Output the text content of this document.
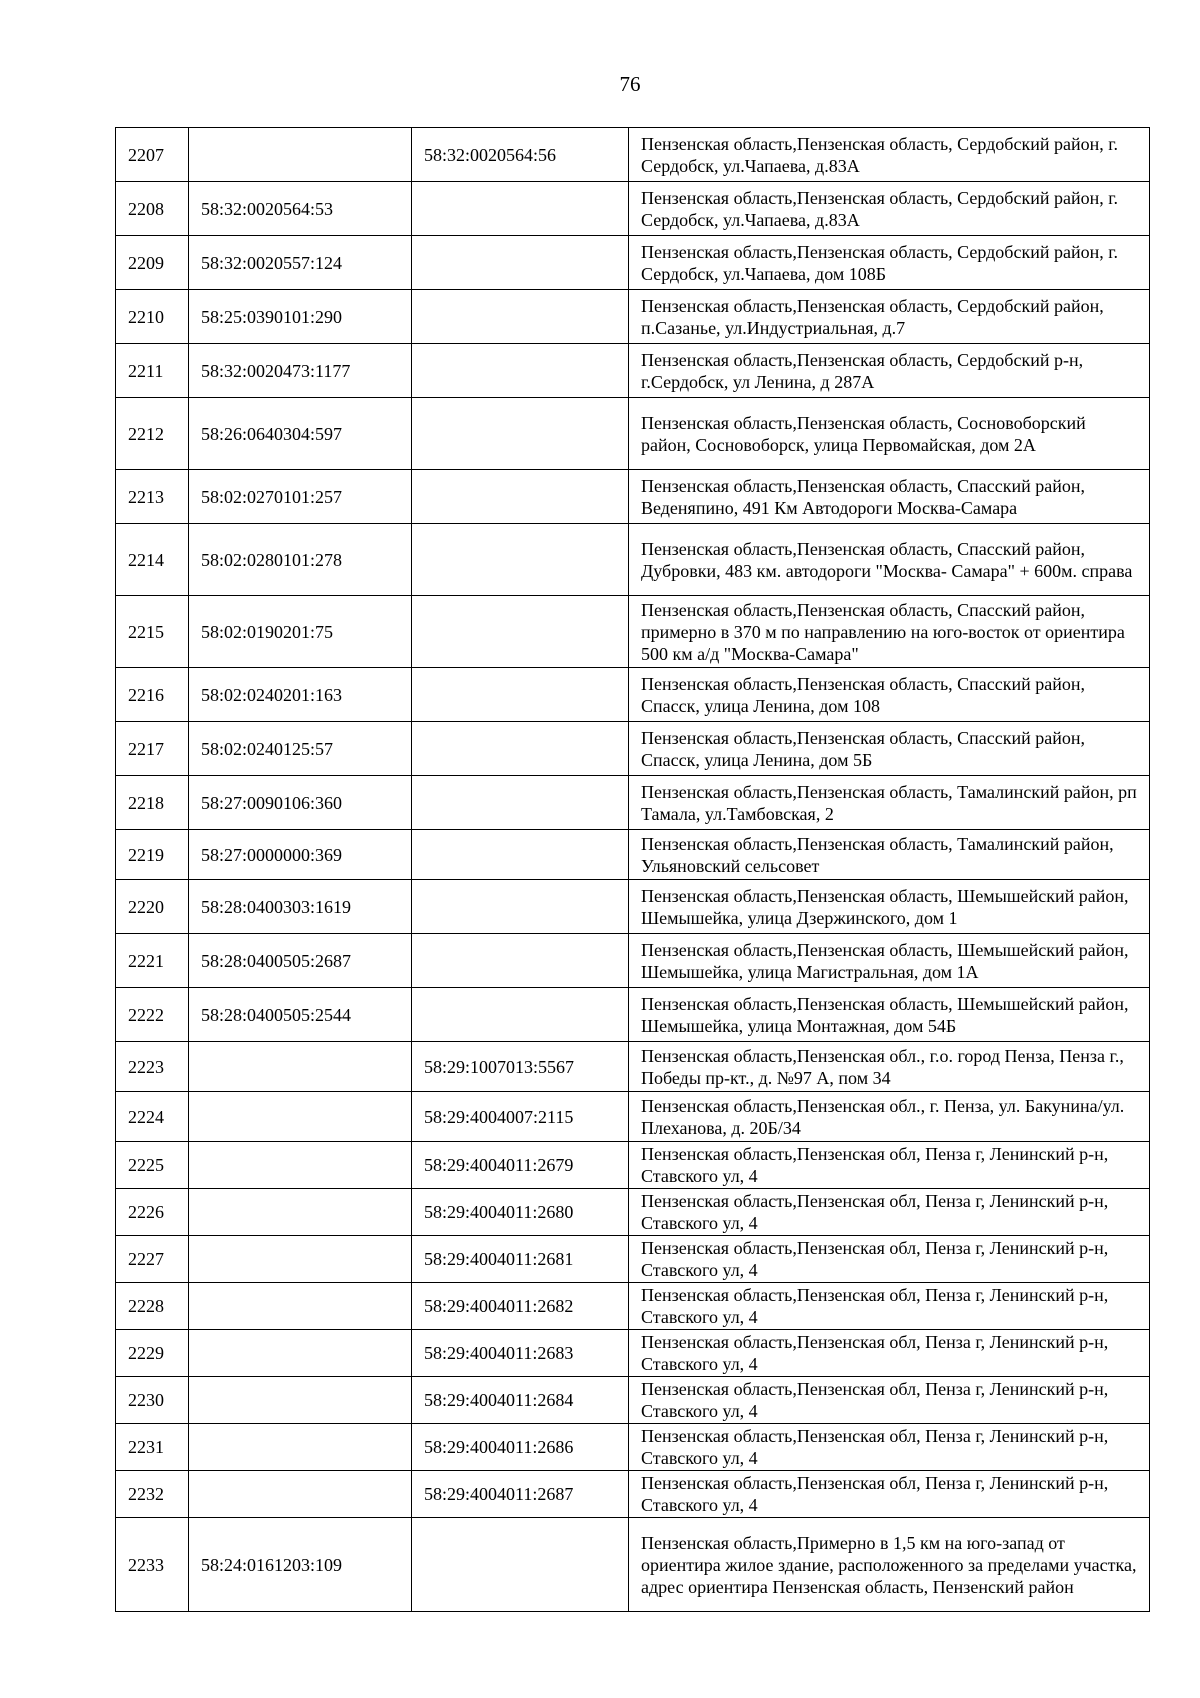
76
2207		58:32:0020564:56	Пензенская область,Пензенская область, Сердобский район, г. Сердобск, ул.Чапаева, д.83А
2208	58:32:0020564:53		Пензенская область,Пензенская область, Сердобский район, г. Сердобск, ул.Чапаева, д.83А
2209	58:32:0020557:124		Пензенская область,Пензенская область, Сердобский район, г. Сердобск, ул.Чапаева, дом 108Б
2210	58:25:0390101:290		Пензенская область,Пензенская область, Сердобский район, п.Сазанье, ул.Индустриальная, д.7
2211	58:32:0020473:1177		Пензенская область,Пензенская область, Сердобский р-н, г.Сердобск, ул Ленина, д 287А
2212	58:26:0640304:597		Пензенская область,Пензенская область, Сосновоборский район, Сосновоборск, улица Первомайская, дом 2А
2213	58:02:0270101:257		Пензенская область,Пензенская область, Спасский район, Веденяпино, 491 Км Автодороги Москва-Самара
2214	58:02:0280101:278		Пензенская область,Пензенская область, Спасский район, Дубровки, 483 км. автодороги "Москва- Самара" + 600м. справа
2215	58:02:0190201:75		Пензенская область,Пензенская область, Спасский район, примерно в 370 м по направлению на юго-восток от ориентира 500 км а/д "Москва-Самара"
2216	58:02:0240201:163		Пензенская область,Пензенская область, Спасский район, Спасск, улица Ленина, дом 108
2217	58:02:0240125:57		Пензенская область,Пензенская область, Спасский район, Спасск, улица Ленина, дом 5Б
2218	58:27:0090106:360		Пензенская область,Пензенская область, Тамалинский район, рп Тамала, ул.Тамбовская, 2
2219	58:27:0000000:369		Пензенская область,Пензенская область, Тамалинский район, Ульяновский сельсовет
2220	58:28:0400303:1619		Пензенская область,Пензенская область, Шемышейский район, Шемышейка, улица Дзержинского, дом 1
2221	58:28:0400505:2687		Пензенская область,Пензенская область, Шемышейский район, Шемышейка, улица Магистральная, дом 1А
2222	58:28:0400505:2544		Пензенская область,Пензенская область, Шемышейский район, Шемышейка, улица Монтажная, дом 54Б
2223		58:29:1007013:5567	Пензенская область,Пензенская обл., г.о. город Пенза, Пенза г., Победы пр-кт., д. №97 А, пом 34
2224		58:29:4004007:2115	Пензенская область,Пензенская обл., г. Пенза, ул. Бакунина/ул. Плеханова, д. 20Б/34
2225		58:29:4004011:2679	Пензенская область,Пензенская обл, Пенза г, Ленинский р-н, Ставского ул, 4
2226		58:29:4004011:2680	Пензенская область,Пензенская обл, Пенза г, Ленинский р-н, Ставского ул, 4
2227		58:29:4004011:2681	Пензенская область,Пензенская обл, Пенза г, Ленинский р-н, Ставского ул, 4
2228		58:29:4004011:2682	Пензенская область,Пензенская обл, Пенза г, Ленинский р-н, Ставского ул, 4
2229		58:29:4004011:2683	Пензенская область,Пензенская обл, Пенза г, Ленинский р-н, Ставского ул, 4
2230		58:29:4004011:2684	Пензенская область,Пензенская обл, Пенза г, Ленинский р-н, Ставского ул, 4
2231		58:29:4004011:2686	Пензенская область,Пензенская обл, Пенза г, Ленинский р-н, Ставского ул, 4
2232		58:29:4004011:2687	Пензенская область,Пензенская обл, Пенза г, Ленинский р-н, Ставского ул, 4
2233	58:24:0161203:109		Пензенская область,Примерно в 1,5 км на юго-запад от ориентира жилое здание, расположенного за пределами участка, адрес ориентира Пензенская область, Пензенский район
